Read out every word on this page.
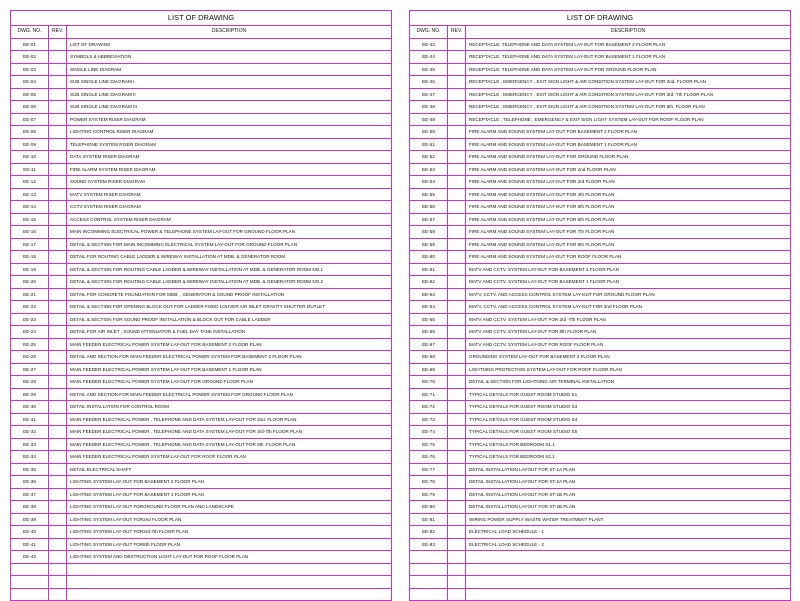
LIST OF DRAWING		
DWG. NO.	REV.	DESCRIPTION
EE-01		LIST OF DRAWING
EE-02		SYMBOLS & ABBREVIATION
EE-03		SINGLE LINE DIAGRAM
EE-04		SUB SINGLE LINE DIAGRAM I
EE-05		SUB SINGLE LINE DIAGRAM II
EE-06		SUB SINGLE LINE DIAGRAM III
EE-07		POWER SYSTEM RISER DIAGRAM
EE-08		LIGHTING CONTROL RISER DIAGRAM
EE-09		TELEPHONE SYSTEM RISER DIAGRAM
EE-10		DATA SYSTEM RISER DIAGRAM
EE-11		FIRE ALARM SYSTEM RISER DIAGRAM
EE-12		SOUND SYSTEM RISER DIAGRAM
EE-13		MATV SYSTEM RISER DIAGRAM
EE-14		CCTV SYSTEM RISER DIAGRAM
EE-15		ACCESS CONTROL SYSTEM RISER DIAGRAM
EE-16		MAIN INCOMMING ELECTRICAL POWER & TELEPHONE SYSTEM LAY-OUT FOR GROUND FLOOR PLAN
EE-17		DETAIL & SECTION FOR MAIN INCOMMING ELECTRICAL SYSTEM LAY-OUT FOR GROUND FLOOR PLAN
EE-18		DETAIL FOR ROUTING CABLE LADDER & WIREWAY INSTALLATION AT MDB. & GENERATOR ROOM
EE-19		DETAIL & SECTION FOR ROUTING CABLE LADDER & WIREWAY INSTALLATION AT MDB. & GENERATOR ROOM NO.1
EE-20		DETAIL & SECTION FOR ROUTING CABLE LADDER & WIREWAY INSTALLATION AT MDB. & GENERATOR ROOM NO.2
EE-21		DETAIL FOR CONCRETE FOUNDATION FOR MDB. , GENERATOR & SOUND PROOF INSTALLATION
EE-22		DETAIL & SECTION FOR OPENING BLOCK OUT FOR LADDER FIXED LOUVER AIR INLET GRAVITY SHUTTER OUTLET
EE-23		DETAIL & SECTION FOR SOUND PROOF INSTALLATION & BLOCK OUT FOR CABLE LADDER
EE-24		DETAIL FOR AIR INLET , SOUND ATTENUATOR & FUEL DAY TANK INSTALLATION
EE-25		MAIN FEEDER ELECTRICAL POWER SYSTEM LAY-OUT FOR BASEMENT 2 FLOOR PLAN
EE-26		DETAIL AND SECTION FOR MAIN FEEDER ELECTRICAL POWER SYSTEM FOR BASEMENT 2 FLOOR PLAN
EE-27		MAIN FEEDER ELECTRICAL POWER SYSTEM LAY-OUT FOR BASEMENT 1 FLOOR PLAN
EE-28		MAIN FEEDER ELECTRICAL POWER SYSTEM LAY-OUT FOR GROUND FLOOR PLAN
EE-29		DETAIL AND SECTION FOR MAIN FEEDER ELECTRICAL POWER SYSTEM FOR GROUND FLOOR PLAN
EE-30		DETAIL INSTALLATION FOR CONTROL ROOM
EE-31		MAIN FEEDER ELECTRICAL POWER , TELEPHONE AND DATA SYSTEM LAY-OUT FOR 2nd. FLOOR PLAN
EE-32		MAIN FEEDER ELECTRICAL POWER , TELEPHONE AND DATA SYSTEM LAY-OUT FOR 3rd-7th FLOOR PLAN
EE-33		MAIN FEEDER ELECTRICAL POWER , TELEPHONE AND DATA SYSTEM LAY-OUT FOR 8th. FLOOR PLAN
EE-34		MAIN FEEDER ELECTRICAL POWER SYSTEM LAY-OUT FOR ROOF FLOOR PLAN
EE-35		DETAIL ELECTRICAL SHAFT
EE-36		LIGHTING SYSTEM LAY-OUT FOR BASEMENT 2 FLOOR PLAN
EE-37		LIGHTING SYSTEM LAY-OUT FOR BASEMENT 1 FLOOR PLAN
EE-38		LIGHTING SYSTEM LAY-OUT FORGROUND FLOOR PLAN AND LANDSCAPE
EE-39		LIGHTING SYSTEM LAY-OUT FOR2nd FLOOR PLAN
EE-40		LIGHTING SYSTEM LAY-OUT FOR3rd-7th FLOOR PLAN
EE-41		LIGHTING SYSTEM LAY-OUT FOR8th FLOOR PLAN
EE-42		LIGHTING SYSTEM AND OBSTRUCTION LIGHT LAY-OUT FOR ROOF FLOOR PLAN

LIST OF DRAWING		
DWG. NO.	REV.	DESCRIPTION
EE-43		RECEPTACLE, TELEPHONE AND DATA SYSTEM LAY-OUT FOR BASEMENT 2 FLOOR PLAN
EE-44		RECEPTACLE, TELEPHONE AND DATA SYSTEM LAY-OUT FOR BASEMENT 1 FLOOR PLAN
EE-45		RECEPTACLE, TELEPHONE AND DATA SYSTEM LAY-OUT FOR GROUND FLOOR PLAN
EE-46		RECEPTACLE , EMERGENCY , EXIT SIGN LIGHT & AIR CONDITION SYSTEM LAY-OUT FOR 2nd. FLOOR PLAN
EE-47		RECEPTACLE , EMERGENCY , EXIT SIGN LIGHT & AIR CONDITION SYSTEM LAY-OUT FOR 3rd.-7th FLOOR PLAN
EE-48		RECEPTACLE , EMERGENCY , EXIT SIGN LIGHT & AIR CONDITION SYSTEM LAY-OUT FOR 8th. FLOOR PLAN
EE-49		RECEPTACLE , TELEPHONE , EMERGENCY & EXIT SIGN LIGHT SYSTEM LAY-OUT FOR ROOF FLOOR PLAN
EE-50		FIRE ALARM AND SOUND SYSTEM LAY-OUT FOR BASEMENT 2 FLOOR PLAN
EE-51		FIRE ALARM AND SOUND SYSTEM LAY-OUT FOR BASEMENT 1 FLOOR PLAN
EE-52		FIRE ALARM AND SOUND SYSTEM LAY-OUT FOR GROUND FLOOR PLAN
EE-53		FIRE ALARM AND SOUND SYSTEM LAY-OUT FOR 2nd FLOOR PLAN
EE-54		FIRE ALARM AND SOUND SYSTEM LAY-OUT FOR 3rd FLOOR PLAN
EE-55		FIRE ALARM AND SOUND SYSTEM LAY-OUT FOR 4th FLOOR PLAN
EE-56		FIRE ALARM AND SOUND SYSTEM LAY-OUT FOR 5th FLOOR PLAN
EE-57		FIRE ALARM AND SOUND SYSTEM LAY-OUT FOR 6th FLOOR PLAN
EE-58		FIRE ALARM AND SOUND SYSTEM LAY-OUT FOR 7th FLOOR PLAN
EE-59		FIRE ALARM AND SOUND SYSTEM LAY-OUT FOR 8th FLOOR PLAN
EE-60		FIRE ALARM AND SOUND SYSTEM LAY-OUT FOR ROOF FLOOR PLAN
EE-61		MATV AND CCTV. SYSTEM LAY-OUT FOR BASEMENT 2 FLOOR PLAN
EE-62		MATV AND CCTV. SYSTEM LAY-OUT FOR BASEMENT 1 FLOOR PLAN
EE-63		MATV, CCTV. AND ACCESS CONTROL SYSTEM LAY-OUT FOR GROUND FLOOR PLAN
EE-64		MATV, CCTV. AND ACCESS CONTROL SYSTEM LAY-OUT FOR 2nd FLOOR PLAN
EE-65		MATV AND CCTV. SYSTEM LAY-OUT FOR 3rd -7th FLOOR PLAN
EE-66		MATV AND CCTV. SYSTEM LAY-OUT FOR 8th FLOOR PLAN
EE-67		MATV AND CCTV. SYSTEM LAY-OUT FOR ROOF FLOOR PLAN
EE-68		GROUNDING SYSTEM LAY-OUT FOR BASEMENT 2 FLOOR PLAN
EE-69		LIGHTNING PROTECTION SYSTEM LAY-OUT FOR ROOF FLOOR PLAN
EE-70		DETAIL & SECTION FOR LIGHTNING AIR TERMINAL INSTALLATION
EE-71		TYPICAL DETAILS FOR GUEST ROOM STUDIO S1
EE-72		TYPICAL DETAILS FOR GUEST ROOM STUDIO S3
EE-73		TYPICAL DETAILS FOR GUEST ROOM STUDIO S4
EE-74		TYPICAL DETAILS FOR GUEST ROOM STUDIO S5
EE-75		TYPICAL DETAILS FOR BEDROOM S1.1
EE-76		TYPICAL DETAILS FOR BEDROOM S2.1
EE-77		DETAIL INSTALLATION LAYOUT FOR ST-1A PLAN
EE-78		DETAIL INSTALLATION LAYOUT FOR ST-2A PLAN
EE-79		DETAIL INSTALLATION LAYOUT FOR ST-1B PLAN
EE-80		DETAIL INSTALLATION LAYOUT FOR ST-2B PLAN
EE-81		WIRING POWER SUPPLY WASTE WATER TREATMENT PLANT
EE-82		ELECTRICAL LOAD SCHEDULE - 1
EE-83		ELECTRICAL LOAD SCHEDULE - 2
